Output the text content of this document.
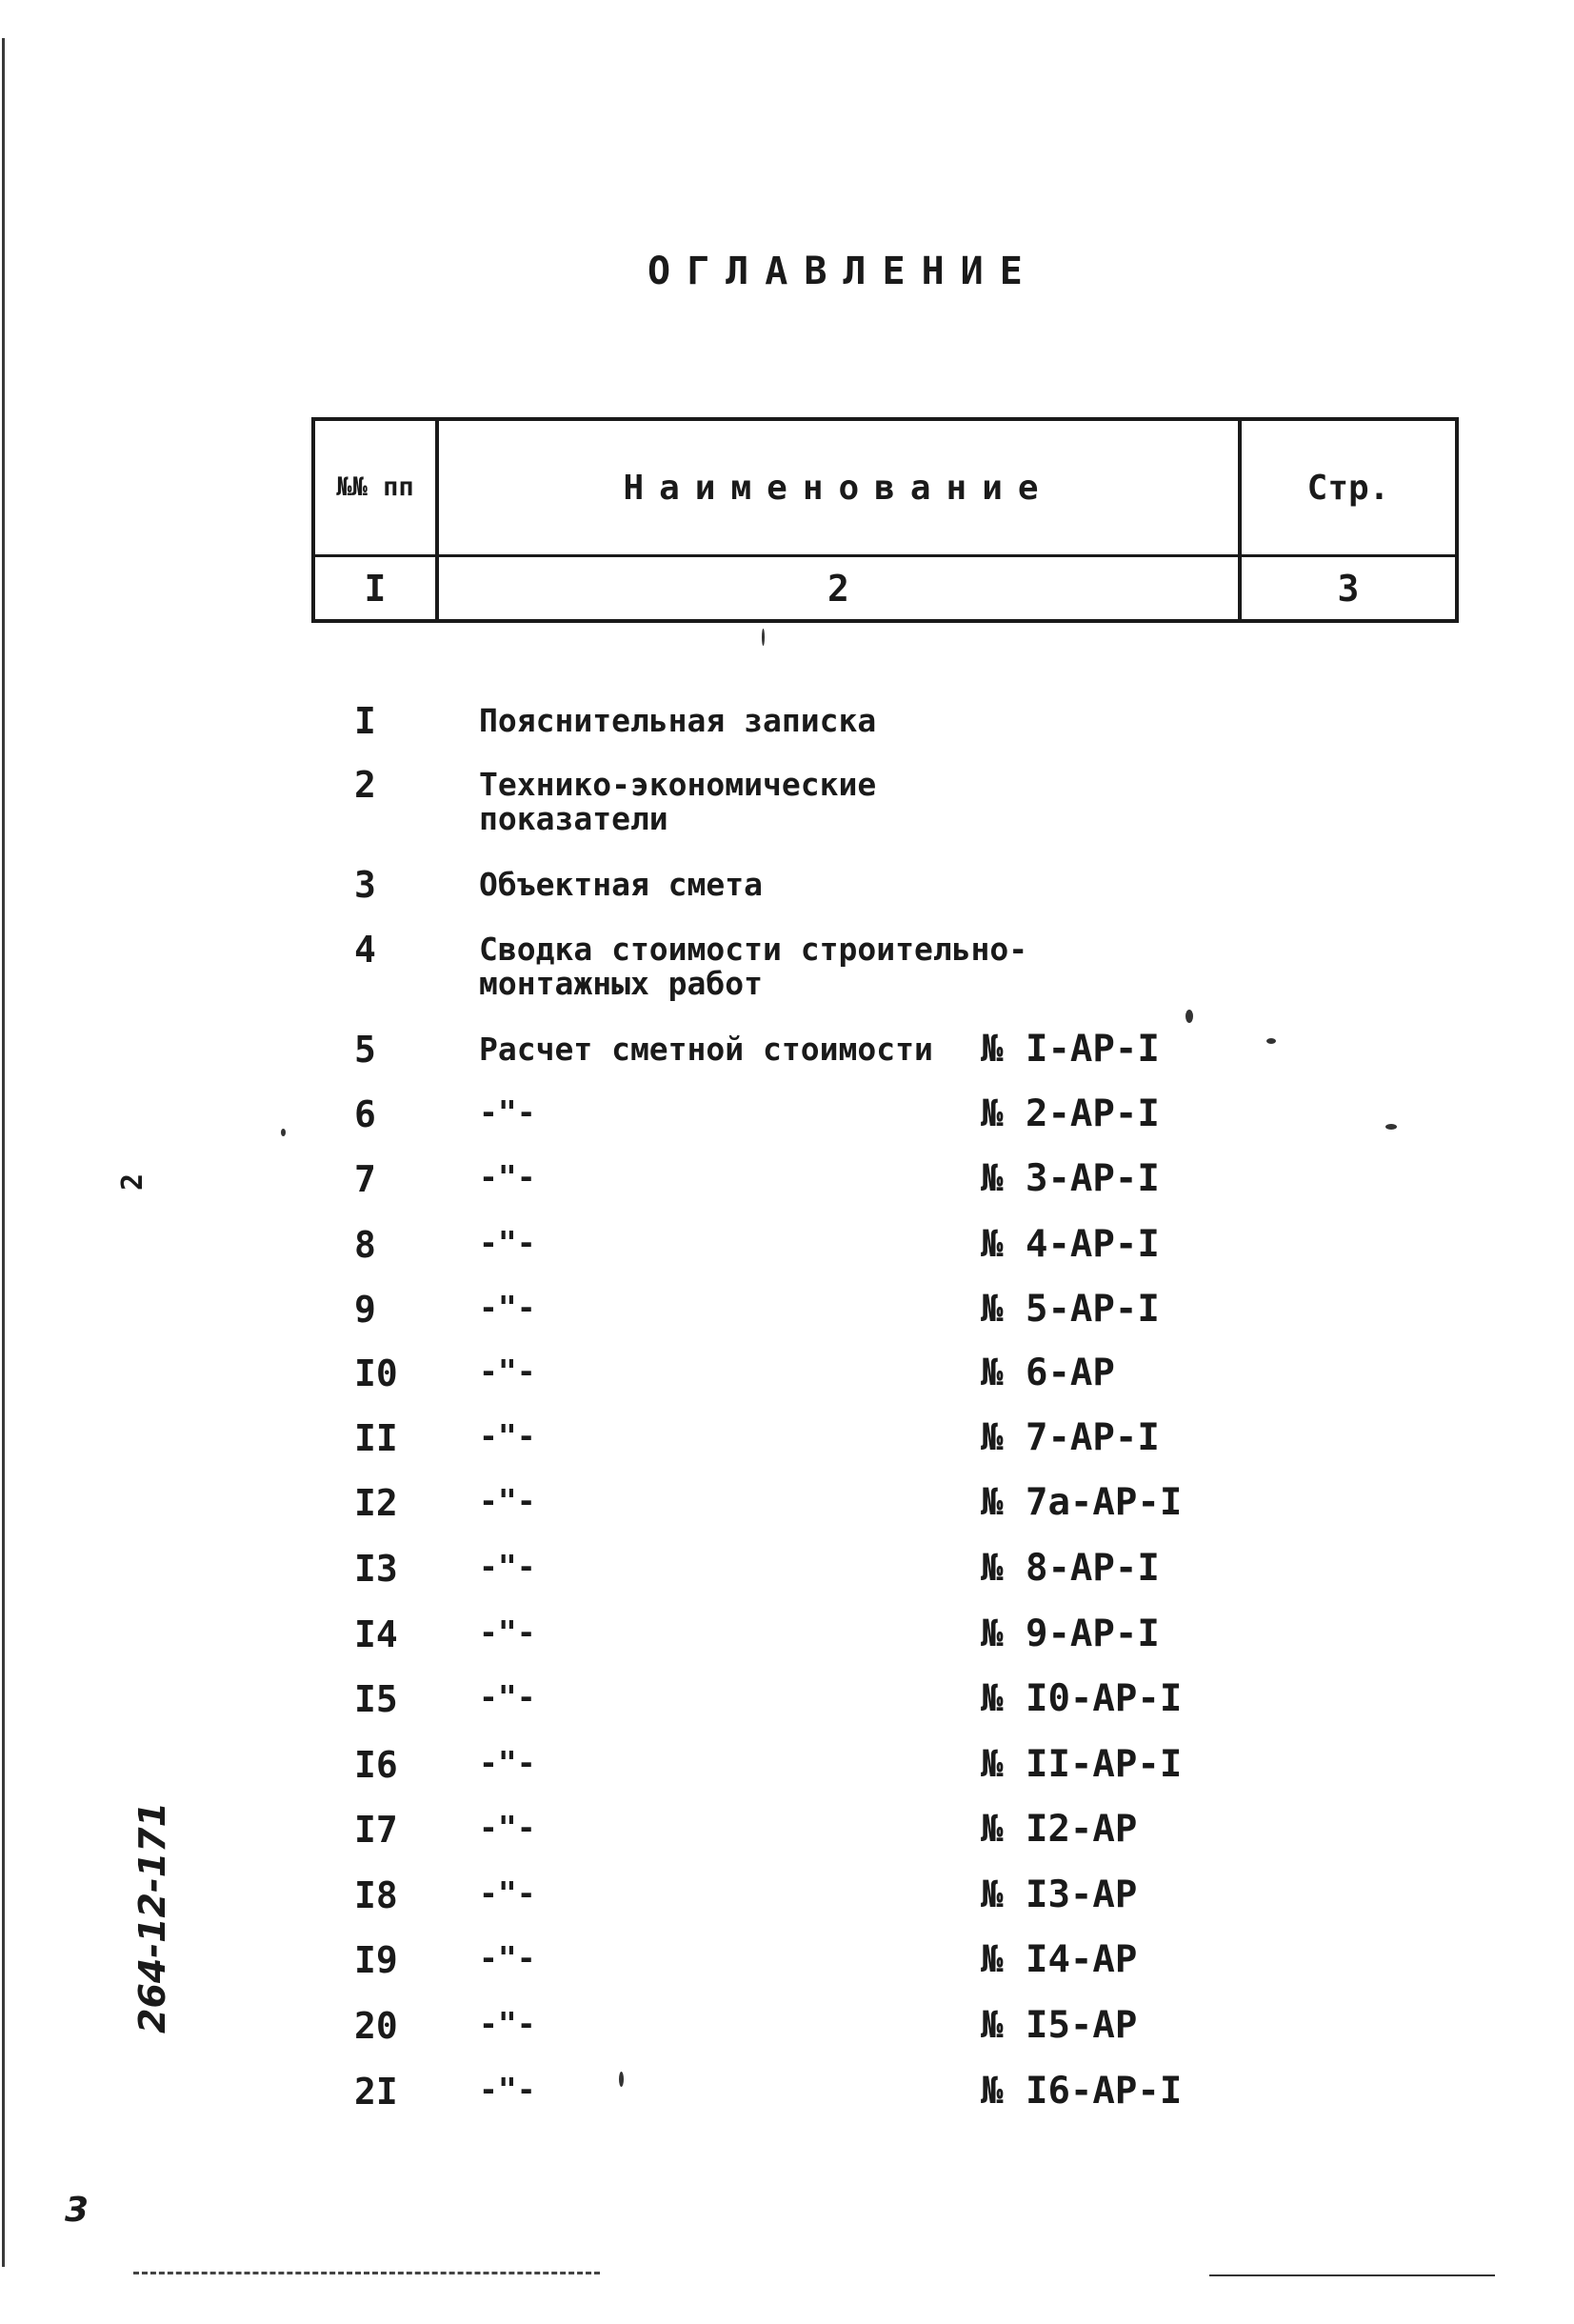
ОГЛАВЛЕНИЕ
№№ пп	Наименование	Стр.
I	2	3
I	Пояснительная записка
2	Технико-экономические
показатели
3	Объектная смета
4	Сводка стоимости строительно-
монтажных работ
5	Расчет сметной стоимости № I-АР-I
6	-"-	№ 2-АР-I
7	-"-	№ 3-АР-I
8	-"-	№ 4-АР-I
9	-"-	№ 5-АР-I
I0	-"-	№ 6-АР
II	-"-	№ 7-АР-I
I2	-"-	№ 7а-АР-I
I3	-"-	№ 8-АР-I
I4	-"-	№ 9-АР-I
I5	-"-	№ I0-АР-I
I6	-"-	№ II-АР-I
I7	-"-	№ I2-АР
I8	-"-	№ I3-АР
I9	-"-	№ I4-АР
20	-"-	№ I5-АР
2I	-"-	№ I6-АР-I
2
264-12-171
3
